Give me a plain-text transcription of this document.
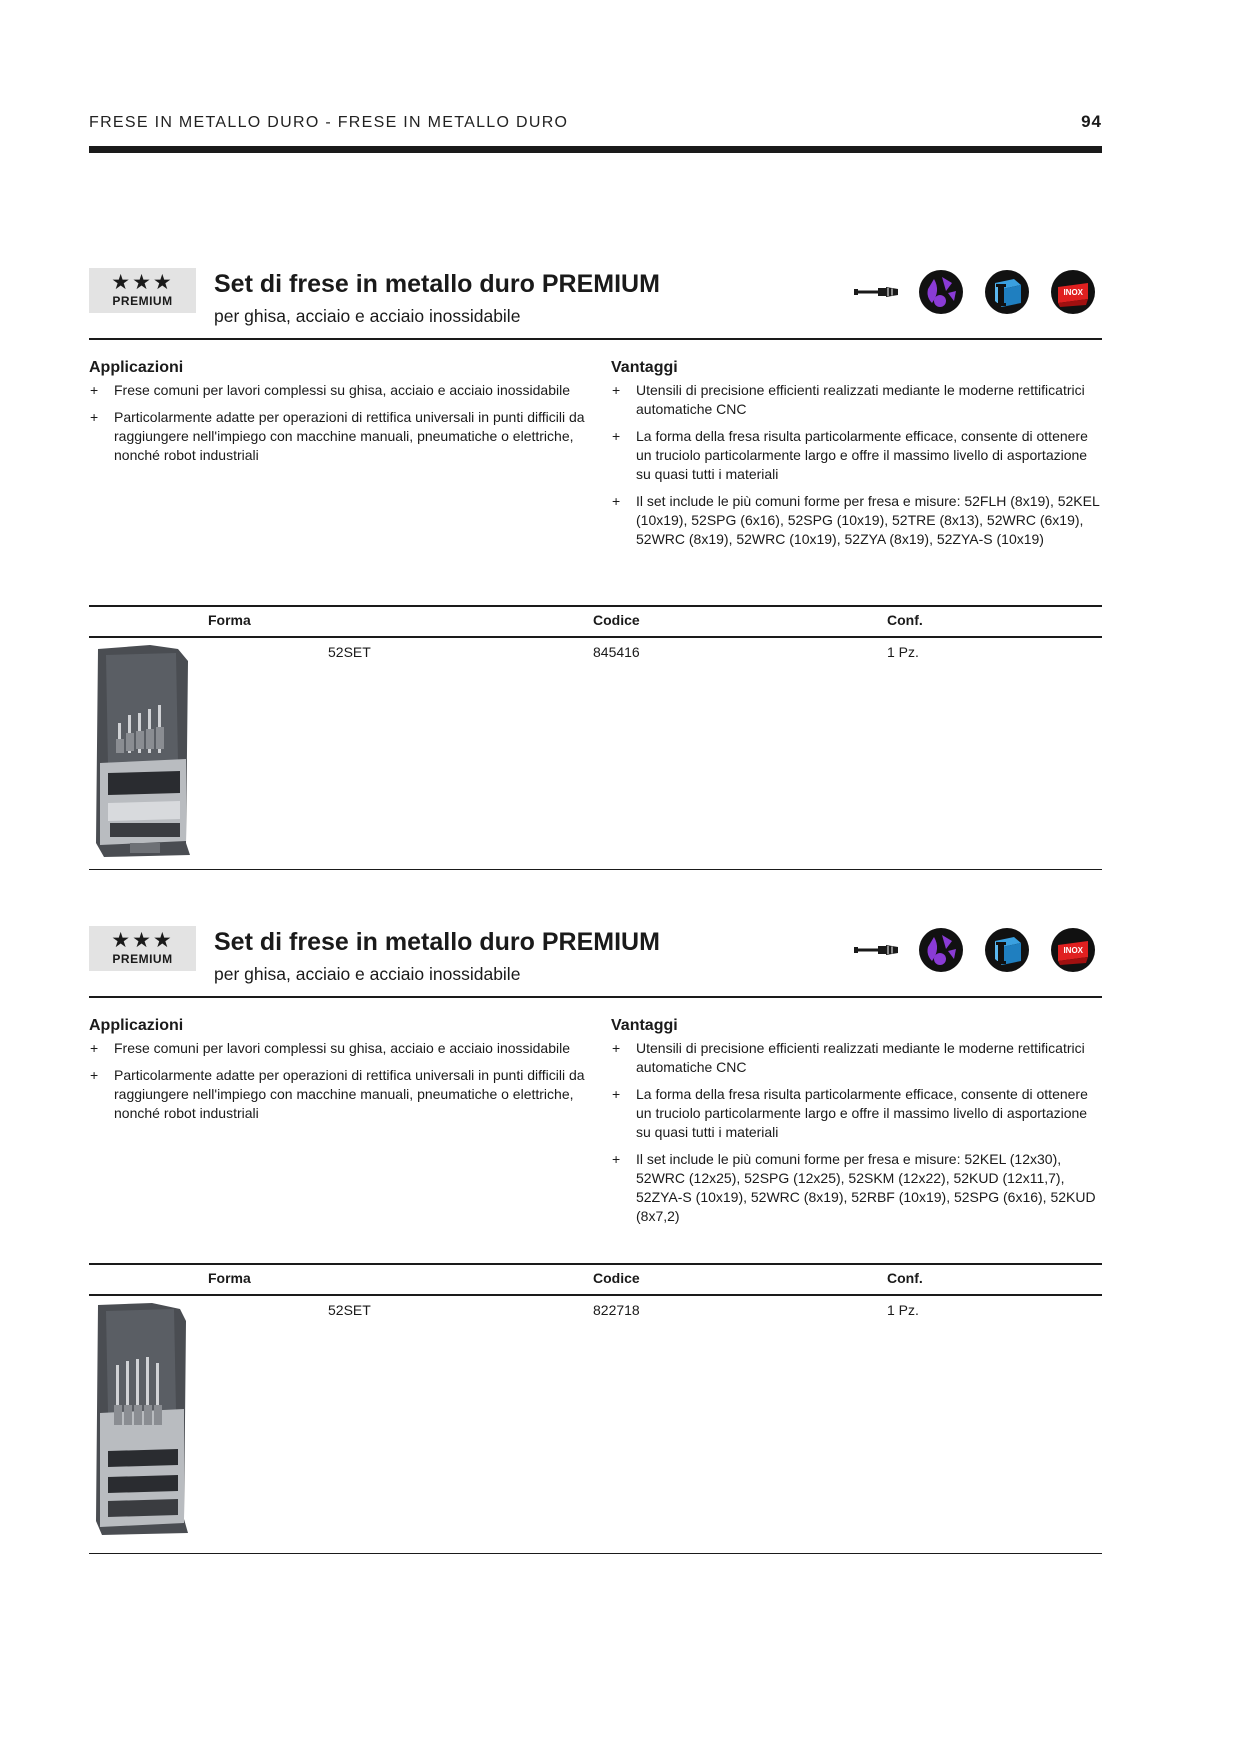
FRESE IN METALLO DURO - FRESE IN METALLO DURO	94
★★★
PREMIUM
Set di frese in metallo duro PREMIUM
per ghisa, acciaio e acciaio inossidabile
INOX
Applicazioni
+ Frese comuni per lavori complessi su ghisa, acciaio e acciaio inossidabile
+ Particolarmente adatte per operazioni di rettifica universali in punti difficili da raggiungere nell'impiego con macchine manuali, pneumatiche o elettriche, nonché robot industriali
Vantaggi
+ Utensili di precisione efficienti realizzati mediante le moderne rettificatrici automatiche CNC
+ La forma della fresa risulta particolarmente efficace, consente di ottenere un truciolo particolarmente largo e offre il massimo livello di asportazione su quasi tutti i materiali
+ Il set include le più comuni forme per fresa e misure: 52FLH (8x19), 52KEL (10x19), 52SPG (6x16), 52SPG (10x19), 52TRE (8x13), 52WRC (6x19), 52WRC (8x19), 52WRC (10x19), 52ZYA (8x19), 52ZYA-S (10x19)
Forma	Codice	Conf.
52SET	845416	1 Pz.
★★★
PREMIUM
Set di frese in metallo duro PREMIUM
per ghisa, acciaio e acciaio inossidabile
INOX
Applicazioni
+ Frese comuni per lavori complessi su ghisa, acciaio e acciaio inossidabile
+ Particolarmente adatte per operazioni di rettifica universali in punti difficili da raggiungere nell'impiego con macchine manuali, pneumatiche o elettriche, nonché robot industriali
Vantaggi
+ Utensili di precisione efficienti realizzati mediante le moderne rettificatrici automatiche CNC
+ La forma della fresa risulta particolarmente efficace, consente di ottenere un truciolo particolarmente largo e offre il massimo livello di asportazione su quasi tutti i materiali
+ Il set include le più comuni forme per fresa e misure: 52KEL (12x30), 52WRC (12x25), 52SPG (12x25), 52SKM (12x22), 52KUD (12x11,7), 52ZYA-S (10x19), 52WRC (8x19), 52RBF (10x19), 52SPG (6x16), 52KUD (8x7,2)
Forma	Codice	Conf.
52SET	822718	1 Pz.
